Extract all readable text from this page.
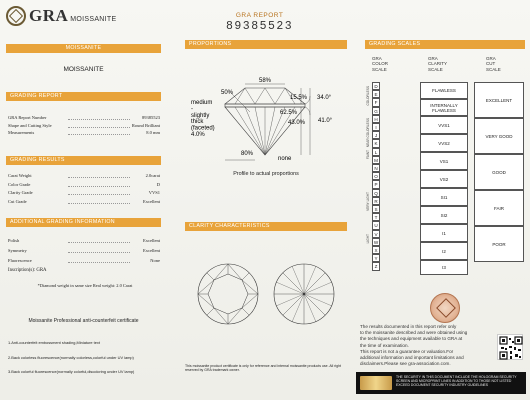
GRA MOISSANITE	GRA REPORT
89385523
MOISSANITE
MOISSANITE
GRADING REPORT
GRA Report Number	89385523
Shape and Cutting Style	Round Brilliant
Measurements	8.0 mm
GRADING RESULTS
Carat Weight	2.0carat
Color Grade	D
Clarity Grade	VVS1
Cut Grade	Excellent
ADDITIONAL GRADING INFORMATION
Polish	Excellent
Symmetry	Excellent
Fluorescence	None
Inscription(s): GRA
*Diamond weight in same size Real weight: 2.0 Carat
Moissanite Professional anti-counterfeit certificate
1.Anti-counterfeit embossment shading,Miniature text
2.Back colorless fluorescence(normally colorless,colorful under UV lamp)
3.Back colorful fluorescence(normally colorful,discoloring under UV lamp)
PROPORTIONS
58%
15.5% 34.0°
62.5%
43.0% 41.0°
50%
80%
none
medium -slightly thick (faceted) 4.0%
Profile to actual proportions
CLARITY CHARACTERISTICS
This moissanite product certificate is only for reference and internal moissanite products use. All right reserved by GRA trademark owner.
GRADING SCALES
GRA
COLOR
SCALE
GRA
CLARITY
SCALE
GRA
CUT
SCALE
D
E
F
G
H
I
J
K
L
M
N
O
P
Q
R
S
T
U
V
W
X
Y
Z
COLORLESS
NEAR COLORLESS
FAINT
VERY LIGHT
LIGHT
FLAWLESS
INTERNALLY FLAWLESS
VVS1
VVS2
VS1
VS2
SI1
SI2
I1
I2
I3
EXCELLENT
VERY GOOD
GOOD
FAIR
POOR
The results documented in this report refer only
to the moissanite described and were obtained using
the techniques and equipment available to GRA at
the time of examination.
This report is not a guarantee or valuation.For
additional information and important limitations and
disclaimers.Please see gra-association.com.
THE SECURITY IN THIS DOCUMENT INCLUDE THE HOLOGRAM SECURITY SCREEN AND MICROPRINT LINES IN ADDITION TO THOSE NOT LISTED EXCEED DOCUMENT SECURITY INDUSTRY GUIDELINES
